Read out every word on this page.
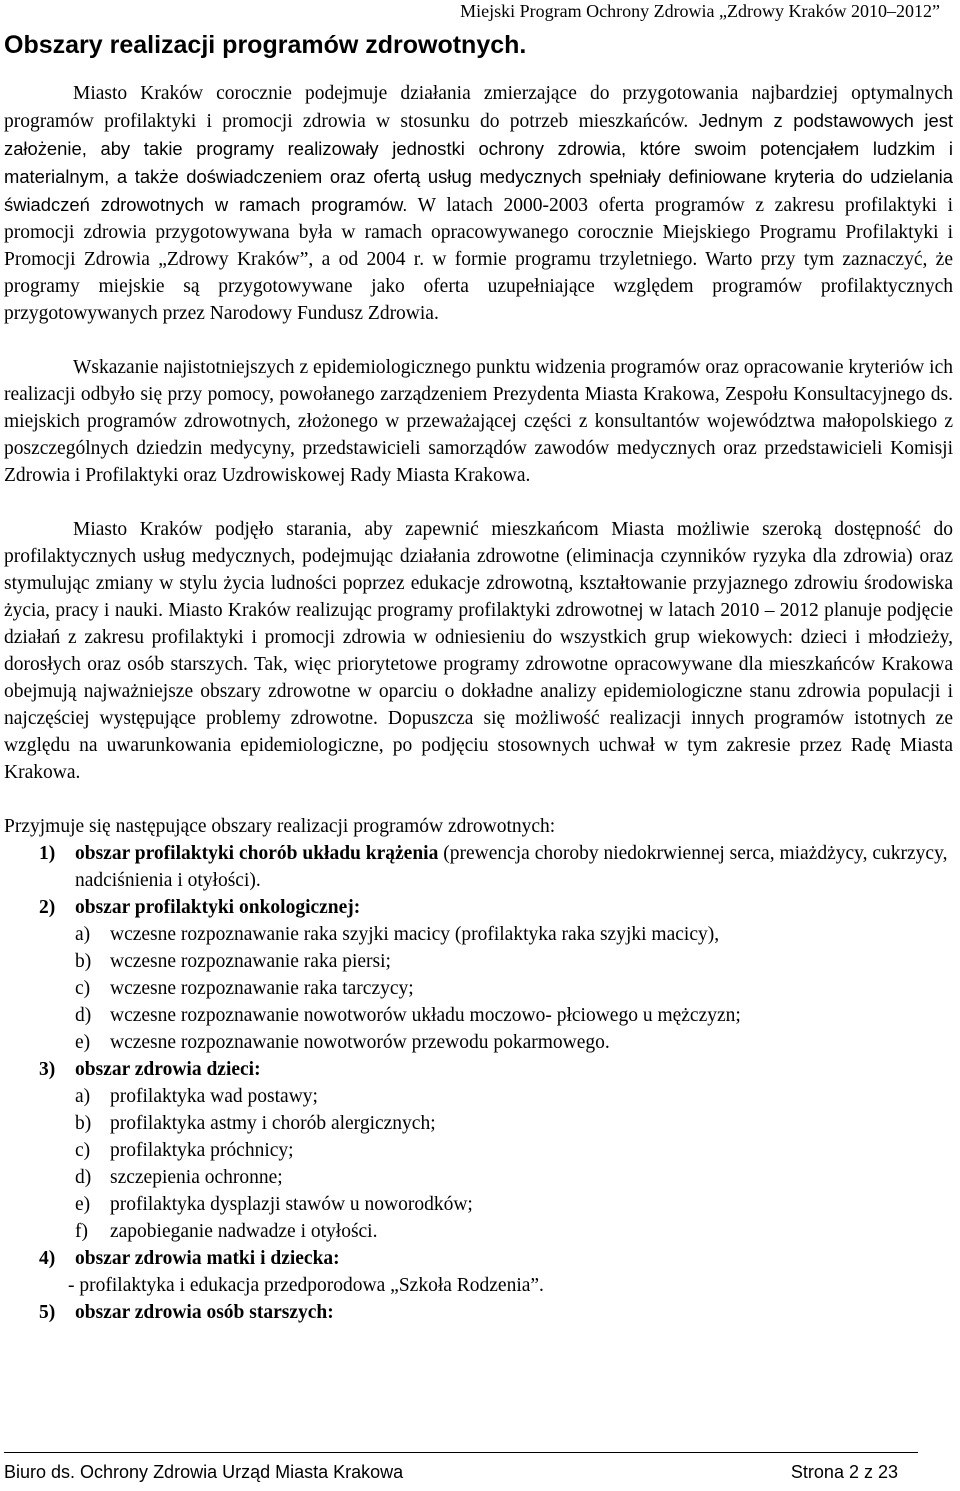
Miejski Program Ochrony Zdrowia „Zdrowy Kraków 2010–2012”
Obszary realizacji programów zdrowotnych.

Miasto Kraków corocznie podejmuje działania zmierzające do przygotowania najbardziej optymalnych programów profilaktyki i promocji zdrowia w stosunku do potrzeb mieszkańców. Jednym z podstawowych jest założenie, aby takie programy realizowały jednostki ochrony zdrowia, które swoim potencjałem ludzkim i materialnym, a także doświadczeniem oraz ofertą usług medycznych spełniały definiowane kryteria do udzielania świadczeń zdrowotnych w ramach programów. W latach 2000-2003 oferta programów z zakresu profilaktyki i promocji zdrowia przygotowywana była w ramach opracowywanego corocznie Miejskiego Programu Profilaktyki i Promocji Zdrowia „Zdrowy Kraków”, a od 2004 r. w formie programu trzyletniego. Warto przy tym zaznaczyć, że programy miejskie są przygotowywane jako oferta uzupełniające względem programów profilaktycznych przygotowywanych przez Narodowy Fundusz Zdrowia.

Wskazanie najistotniejszych z epidemiologicznego punktu widzenia programów oraz opracowanie kryteriów ich realizacji odbyło się przy pomocy, powołanego zarządzeniem Prezydenta Miasta Krakowa, Zespołu Konsultacyjnego ds. miejskich programów zdrowotnych, złożonego w przeważającej części z konsultantów województwa małopolskiego z poszczególnych dziedzin medycyny, przedstawicieli samorządów zawodów medycznych oraz przedstawicieli Komisji Zdrowia i Profilaktyki oraz Uzdrowiskowej Rady Miasta Krakowa.

Miasto Kraków podjęło starania, aby zapewnić mieszkańcom Miasta możliwie szeroką dostępność do profilaktycznych usług medycznych, podejmując działania zdrowotne (eliminacja czynników ryzyka dla zdrowia) oraz stymulując zmiany w stylu życia ludności poprzez edukacje zdrowotną, kształtowanie przyjaznego zdrowiu środowiska życia, pracy i nauki. Miasto Kraków realizując programy profilaktyki zdrowotnej w latach 2010 – 2012 planuje podjęcie działań z zakresu profilaktyki i promocji zdrowia w odniesieniu do wszystkich grup wiekowych: dzieci i młodzieży, dorosłych oraz osób starszych. Tak, więc priorytetowe programy zdrowotne opracowywane dla mieszkańców Krakowa obejmują najważniejsze obszary zdrowotne w oparciu o dokładne analizy epidemiologiczne stanu zdrowia populacji i najczęściej występujące problemy zdrowotne. Dopuszcza się możliwość realizacji innych programów istotnych ze względu na uwarunkowania epidemiologiczne, po podjęciu stosownych uchwał w tym zakresie przez Radę Miasta Krakowa.

Przyjmuje się następujące obszary realizacji programów zdrowotnych:

1) obszar profilaktyki chorób układu krążenia (prewencja choroby niedokrwiennej serca, miażdżycy, cukrzycy, nadciśnienia i otyłości).
2) obszar profilaktyki onkologicznej:
a) wczesne rozpoznawanie raka szyjki macicy (profilaktyka raka szyjki macicy),
b) wczesne rozpoznawanie raka piersi;
c) wczesne rozpoznawanie raka tarczycy;
d) wczesne rozpoznawanie nowotworów układu moczowo- płciowego u mężczyzn;
e) wczesne rozpoznawanie nowotworów przewodu pokarmowego.
3) obszar zdrowia dzieci:
a) profilaktyka wad postawy;
b) profilaktyka astmy i chorób alergicznych;
c) profilaktyka próchnicy;
d) szczepienia ochronne;
e) profilaktyka dysplazji stawów u noworodków;
f) zapobieganie nadwadze i otyłości.
4) obszar zdrowia matki i dziecka:
- profilaktyka i edukacja przedporodowa „Szkoła Rodzenia”.
5) obszar zdrowia osób starszych:
Biuro ds. Ochrony Zdrowia Urząd Miasta Krakowa	Strona 2 z 23
